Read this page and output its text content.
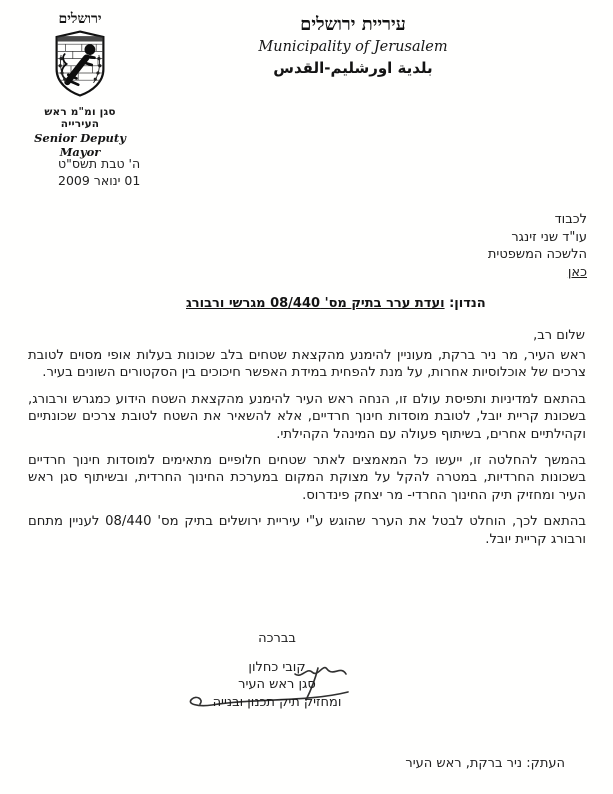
ירושלים
סגן ומ"מ ראש העירייה
Senior Deputy Mayor
עיריית ירושלים
Municipality of Jerusalem
بلدية اورشليم-القدس
ה' טבת תשס"ט
01 ינואר 2009
לכבוד
עו"ד שני זינגר
הלשכה המשפטית
כאן
הנדון: ועדת ערר בתיק מס' 08/440 מגרשי ורבורג
שלום רב,

ראש העיר, מר ניר ברקת, מעוניין להימנע מהקצאת שטחים בלב שכונות בעלות אופי מסוים לטובת צרכים של אוכלוסיות אחרות, על מנת להפחית במידת האפשר חיכוכים בין הסקטורים השונים בעיר.

בהתאם למדיניות ותפיסת עולם זו, הנחה ראש העיר להימנע מהקצאת השטח הידוע כמגרש ורבורג, בשכונת קריית יובל, לטובת מוסדות חינוך חרדיים, אלא להשאיר את השטח לטובת צרכים שכונתיים וקהילתיים אחרים, בשיתוף פעולה עם המינהל הקהילתי.

בהמשך להחלטה זו, ייעשו כל המאמצים לאתר שטחים חלופיים מתאימים למוסדות חינוך חרדיים בשכונות החרדיות, במטרה להקל על מצוקת המקום במערכת החינוך החרדית, ובשיתוף סגן ראש העיר ומחזיק תיק החינוך החרדי- מר יצחק פינדרוס.

בהתאם לכך, הוחלט לבטל את הערר שהוגש ע"י עיריית ירושלים בתיק מס' 08/440 לעניין מתחם ורבורג קריית יובל.

בברכה
קובי כחלון
סגן ראש העיר
ומחזיק תיק תכנון ובנייה
העתק: ניר ברקת, ראש העיר
